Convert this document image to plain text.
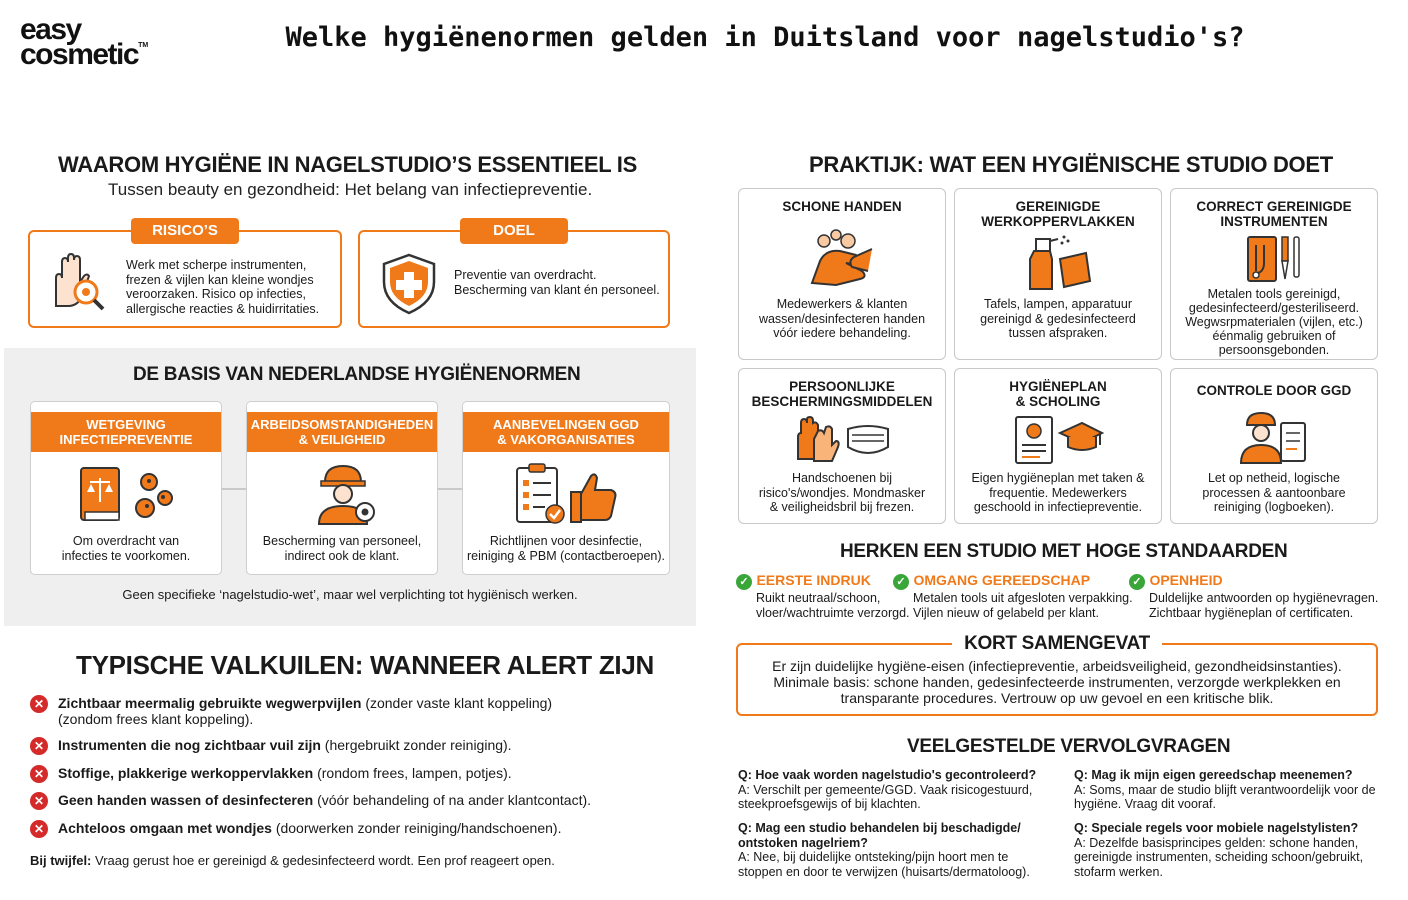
easy
cosmetic™	Welke hygiënenormen gelden in Duitsland voor nagelstudio's?
WAAROM HYGIËNE IN NAGELSTUDIO’S ESSENTIEEL IS
Tussen beauty en gezondheid: Het belang van infectiepreventie.
RISICO’S
Werk met scherpe instrumenten,
frezen & vijlen kan kleine wondjes
veroorzaken. Risico op infecties,
allergische reacties & huidirritaties.
DOEL
Preventie van overdracht.
Bescherming van klant én personeel.
DE BASIS VAN NEDERLANDSE HYGIËNENORMEN
WETGEVING
INFECTIEPREVENTIE
Om overdracht van
infecties te voorkomen.
ARBEIDSOMSTANDIGHEDEN
& VEILIGHEID
Bescherming van personeel,
indirect ook de klant.
AANBEVELINGEN GGD
& VAKORGANISATIES
Richtlijnen voor desinfectie,
reiniging & PBM (contactberoepen).
Geen specifieke ‘nagelstudio-wet’, maar wel verplichting tot hygiënisch werken.
TYPISCHE VALKUILEN: WANNEER ALERT ZIJN
✕ Zichtbaar meermalig gebruikte wegwerpvijlen (zonder vaste klant koppeling)
(zondom frees klant koppeling).
✕ Instrumenten die nog zichtbaar vuil zijn (hergebruikt zonder reiniging).
✕ Stoffige, plakkerige werkoppervlakken (rondom frees, lampen, potjes).
✕ Geen handen wassen of desinfecteren (vóór behandeling of na ander klantcontact).
✕ Achteloos omgaan met wondjes (doorwerken zonder reiniging/handschoenen).
Bij twijfel: Vraag gerust hoe er gereinigd & gedesinfecteerd wordt. Een prof reageert open.
PRAKTIJK: WAT EEN HYGIËNISCHE STUDIO DOET
SCHONE HANDEN
Medewerkers & klanten
wassen/desinfecteren handen
vóór iedere behandeling.
GEREINIGDE
WERKOPPERVLAKKEN
Tafels, lampen, apparatuur
gereinigd & gedesinfecteerd
tussen afspraken.
CORRECT GEREINIGDE
INSTRUMENTEN
Metalen tools gereinigd,
gedesinfecteerd/gesteriliseerd.
Wegwsrpmaterialen (vijlen, etc.)
éénmalig gebruiken of
persoonsgebonden.
PERSOONLIJKE
BESCHERMINGSMIDDELEN
Handschoenen bij
risico's/wondjes. Mondmasker
& veiligheidsbril bij frezen.
HYGIËNEPLAN
& SCHOLING
Eigen hygiëneplan met taken &
frequentie. Medewerkers
geschoold in infectiepreventie.
CONTROLE DOOR GGD
Let op netheid, logische
processen & aantoonbare
reiniging (logboeken).
HERKEN EEN STUDIO MET HOGE STANDAARDEN
✓ EERSTE INDRUK
Ruikt neutraal/schoon,
vloer/wachtruimte verzorgd.
✓ OMGANG GEREEDSCHAP
Metalen tools uit afgesloten verpakking.
Vijlen nieuw of gelabeld per klant.
✓ OPENHEID
Duldelijke antwoorden op hygiënevragen.
Zichtbaar hygiëneplan of certificaten.
KORT SAMENGEVAT
Er zijn duidelijke hygiëne-eisen (infectiepreventie, arbeidsveiligheid, gezondheidsinstanties).
Minimale basis: schone handen, gedesinfecteerde instrumenten, verzorgde werkplekken en
transparante procedures. Vertrouw op uw gevoel en een kritische blik.
VEELGESTELDE VERVOLGVRAGEN
Q: Hoe vaak worden nagelstudio's gecontroleerd?
A: Verschilt per gemeente/GGD. Vaak risicogestuurd,
steekproefsgewijs of bij klachten.
Q: Mag ik mijn eigen gereedschap meenemen?
A: Soms, maar de studio blijft verantwoordelijk voor de
hygiëne. Vraag dit vooraf.
Q: Mag een studio behandelen bij beschadigde/
ontstoken nagelriem?
A: Nee, bij duidelijke ontsteking/pijn hoort men te
stoppen en door te verwijzen (huisarts/dermatoloog).
Q: Speciale regels voor mobiele nagelstylisten?
A: Dezelfde basisprincipes gelden: schone handen,
gereinigde instrumenten, scheiding schoon/gebruikt,
stofarm werken.
